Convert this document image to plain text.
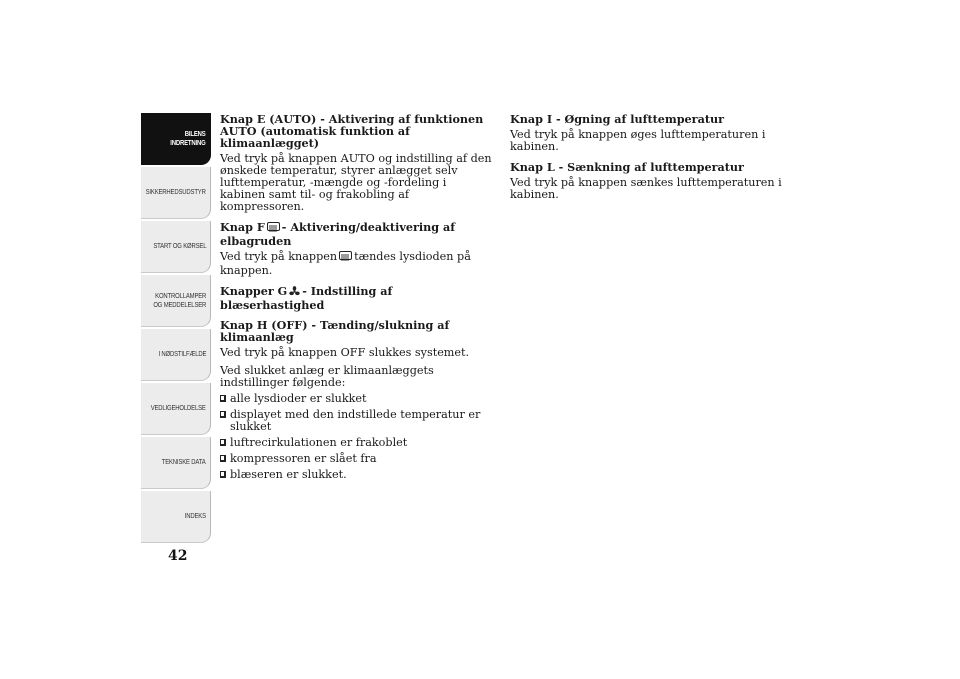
BILENS
INDRETNING
SIKKERHEDSUDSTYR
START OG KØRSEL
KONTROLLAMPER
OG MEDDELELSER
I NØDSTILFÆLDE
VEDLIGEHOLDELSE
TEKNISKE DATA
INDEKS
42
Knap E (AUTO) - Aktivering af funktionen AUTO (automatisk funktion af klimaanlægget)

Ved tryk på knappen AUTO og indstilling af den ønskede temperatur, styrer anlægget selv lufttemperatur, -mængde og -fordeling i kabinen samt til- og frakobling af kompressoren.

Knap F - Aktivering/deaktivering af elbagruden

Ved tryk på knappen tændes lysdioden på knappen.

Knapper G - Indstilling af blæserhastighed
Knap H (OFF) - Tænding/slukning af klimaanlæg

Ved tryk på knappen OFF slukkes systemet.

Ved slukket anlæg er klimaanlæggets indstillinger følgende:

alle lysdioder er slukket
displayet med den indstillede temperatur er slukket
luftrecirkulationen er frakoblet
kompressoren er slået fra
blæseren er slukket.
Knap I - Øgning af lufttemperatur

Ved tryk på knappen øges lufttemperaturen i kabinen.

Knap L - Sænkning af lufttemperatur

Ved tryk på knappen sænkes lufttemperaturen i kabinen.
